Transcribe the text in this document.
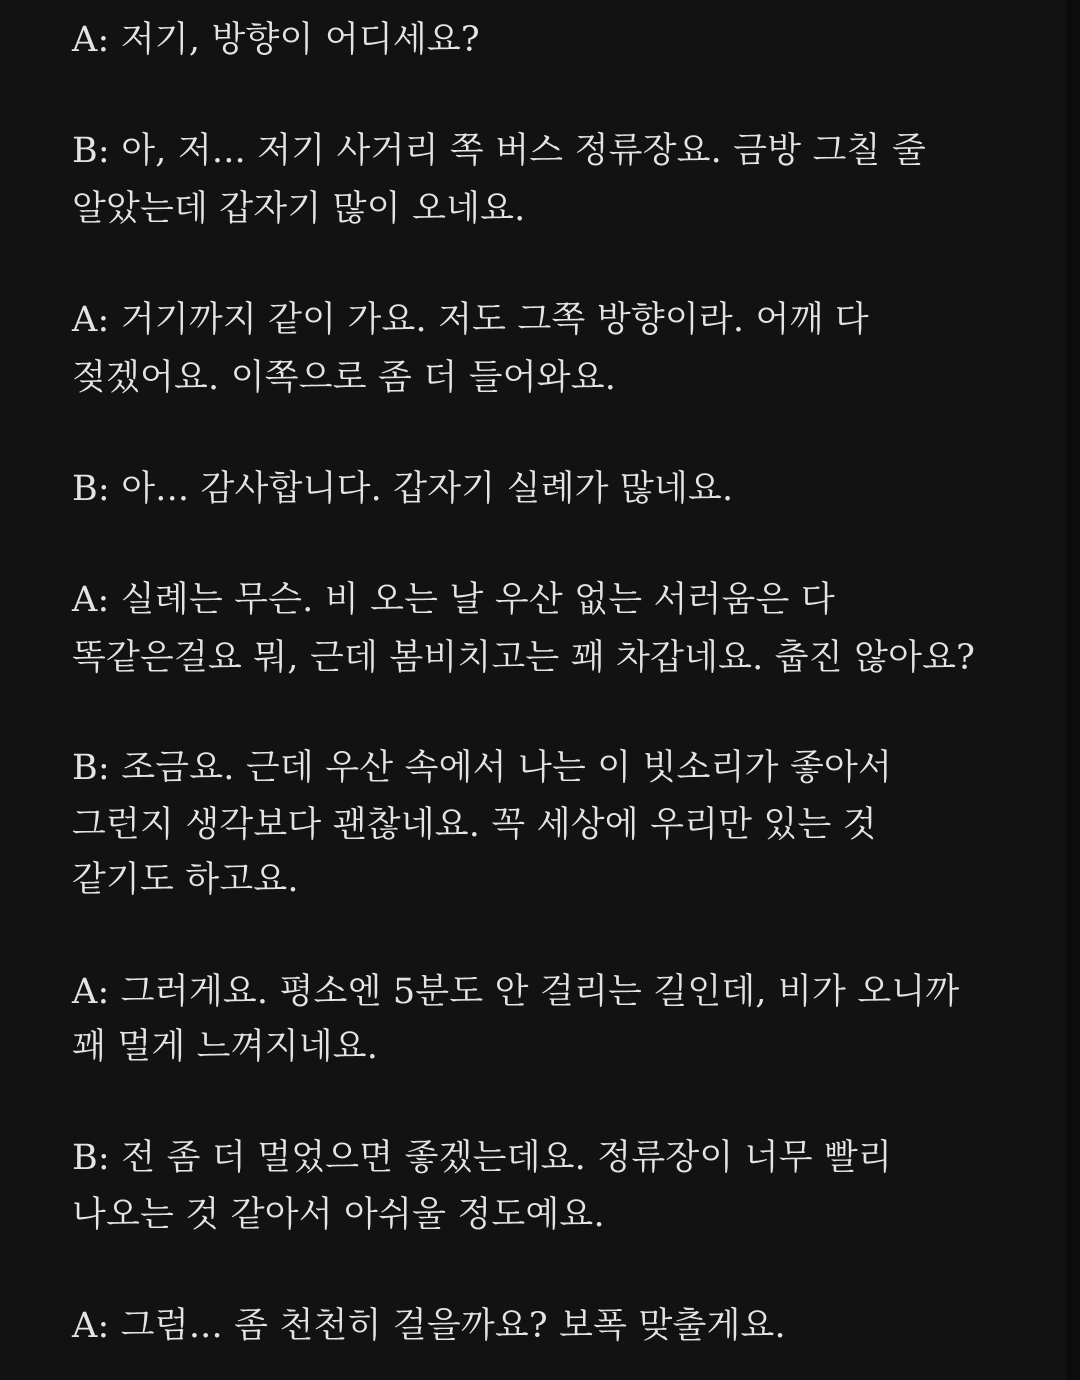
A: 저기, 방향이 어디세요?
B: 아, 저... 저기 사거리 쪽 버스 정류장요. 금방 그칠 줄
알았는데 갑자기 많이 오네요.
A: 거기까지 같이 가요. 저도 그쪽 방향이라. 어깨 다
젖겠어요. 이쪽으로 좀 더 들어와요.
B: 아... 감사합니다. 갑자기 실례가 많네요.
A: 실례는 무슨. 비 오는 날 우산 없는 서러움은 다
똑같은걸요 뭐, 근데 봄비치고는 꽤 차갑네요. 춥진 않아요?
B: 조금요. 근데 우산 속에서 나는 이 빗소리가 좋아서
그런지 생각보다 괜찮네요. 꼭 세상에 우리만 있는 것
같기도 하고요.
A: 그러게요. 평소엔 5분도 안 걸리는 길인데, 비가 오니까
꽤 멀게 느껴지네요.
B: 전 좀 더 멀었으면 좋겠는데요. 정류장이 너무 빨리
나오는 것 같아서 아쉬울 정도예요.
A: 그럼... 좀 천천히 걸을까요? 보폭 맞출게요.
